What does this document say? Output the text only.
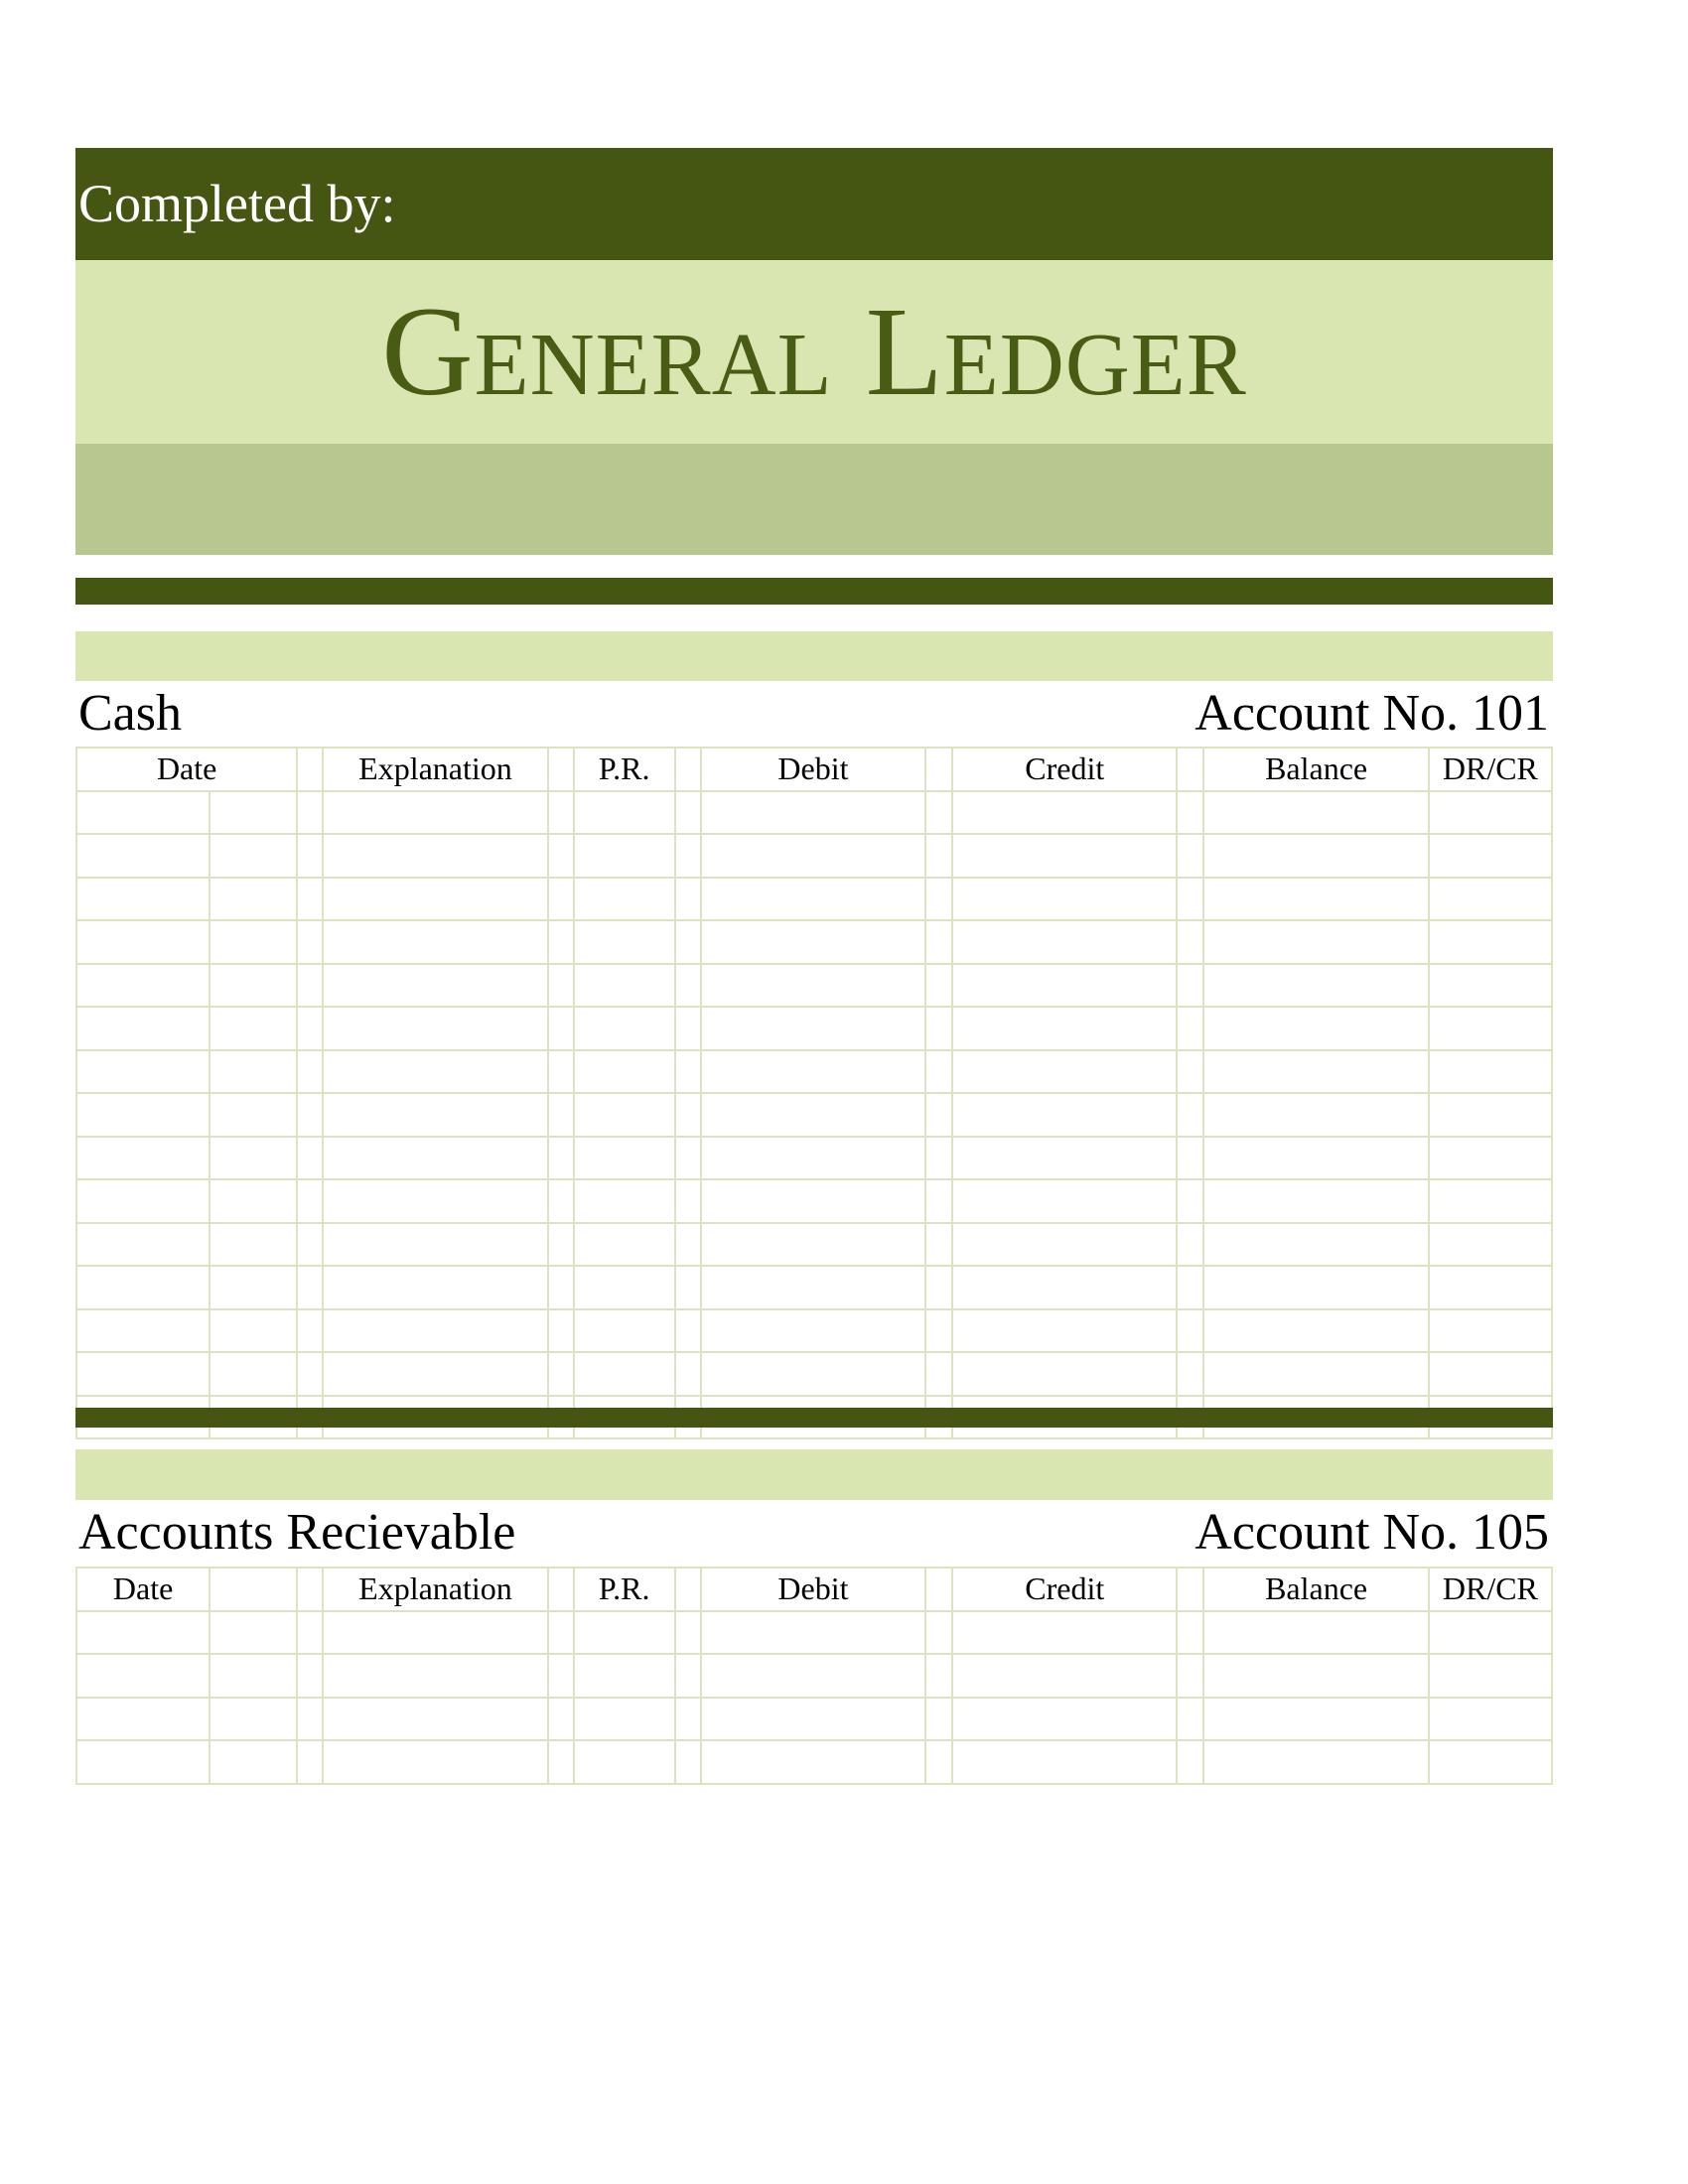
Completed by:
General Ledger
Cash	Account No. 101
Date			Explanation		P.R.		Debit		Credit		Balance	DR/CR

Accounts Recievable	Account No. 105
Date			Explanation		P.R.		Debit		Credit		Balance	DR/CR
